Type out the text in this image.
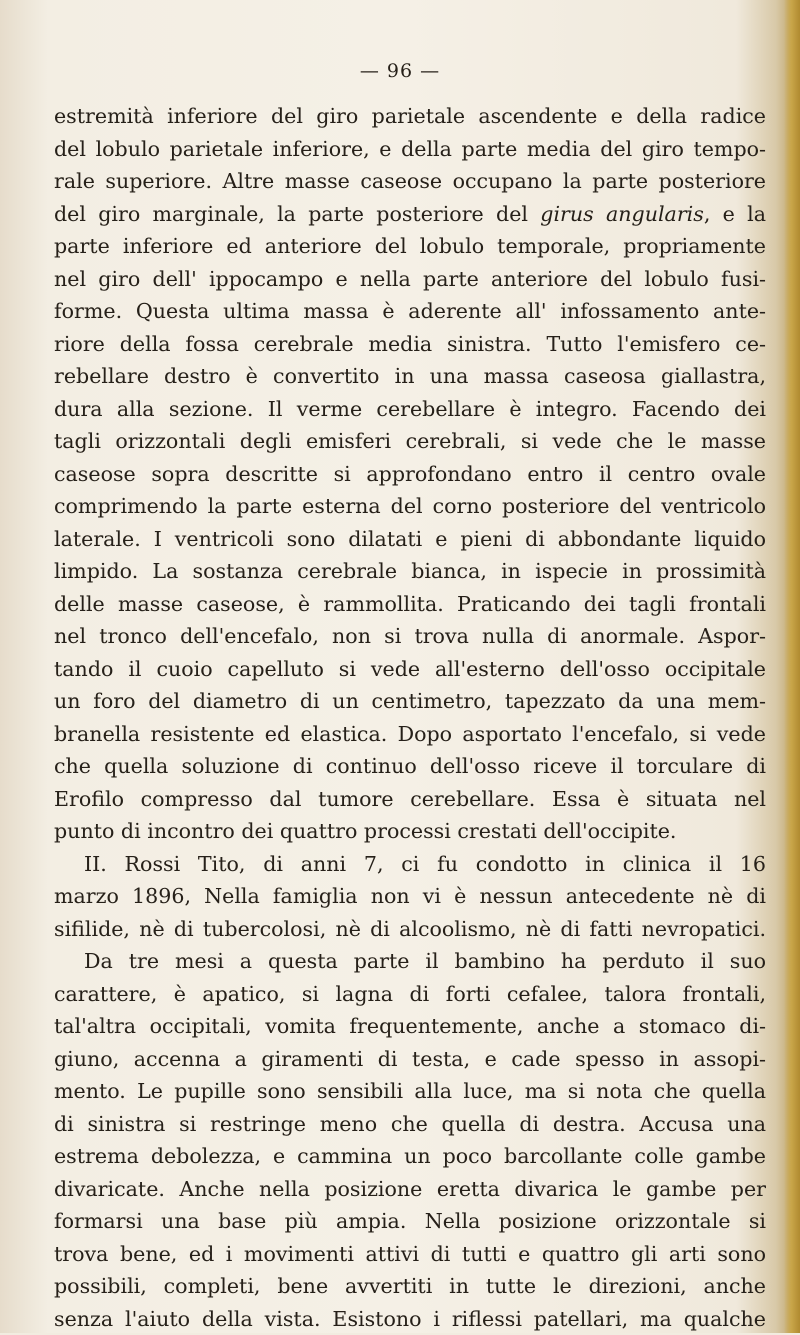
— 96 —
estremità inferiore del giro parietale ascendente e della radice
del lobulo parietale inferiore, e della parte media del giro tempo-
rale superiore. Altre masse caseose occupano la parte posteriore
del giro marginale, la parte posteriore del girus angularis, e la
parte inferiore ed anteriore del lobulo temporale, propriamente
nel giro dell' ippocampo e nella parte anteriore del lobulo fusi-
forme. Questa ultima massa è aderente all' infossamento ante-
riore della fossa cerebrale media sinistra. Tutto l'emisfero ce-
rebellare destro è convertito in una massa caseosa giallastra,
dura alla sezione. Il verme cerebellare è integro. Facendo dei
tagli orizzontali degli emisferi cerebrali, si vede che le masse
caseose sopra descritte si approfondano entro il centro ovale
comprimendo la parte esterna del corno posteriore del ventricolo
laterale. I ventricoli sono dilatati e pieni di abbondante liquido
limpido. La sostanza cerebrale bianca, in ispecie in prossimità
delle masse caseose, è rammollita. Praticando dei tagli frontali
nel tronco dell'encefalo, non si trova nulla di anormale. Aspor-
tando il cuoio capelluto si vede all'esterno dell'osso occipitale
un foro del diametro di un centimetro, tapezzato da una mem-
branella resistente ed elastica. Dopo asportato l'encefalo, si vede
che quella soluzione di continuo dell'osso riceve il torculare di
Erofilo compresso dal tumore cerebellare. Essa è situata nel
punto di incontro dei quattro processi crestati dell'occipite.
II. Rossi Tito, di anni 7, ci fu condotto in clinica il 16
marzo 1896, Nella famiglia non vi è nessun antecedente nè di
sifilide, nè di tubercolosi, nè di alcoolismo, nè di fatti nevropatici.
Da tre mesi a questa parte il bambino ha perduto il suo
carattere, è apatico, si lagna di forti cefalee, talora frontali,
tal'altra occipitali, vomita frequentemente, anche a stomaco di-
giuno, accenna a giramenti di testa, e cade spesso in assopi-
mento. Le pupille sono sensibili alla luce, ma si nota che quella
di sinistra si restringe meno che quella di destra. Accusa una
estrema debolezza, e cammina un poco barcollante colle gambe
divaricate. Anche nella posizione eretta divarica le gambe per
formarsi una base più ampia. Nella posizione orizzontale si
trova bene, ed i movimenti attivi di tutti e quattro gli arti sono
possibili, completi, bene avvertiti in tutte le direzioni, anche
senza l'aiuto della vista. Esistono i riflessi patellari, ma qualche
